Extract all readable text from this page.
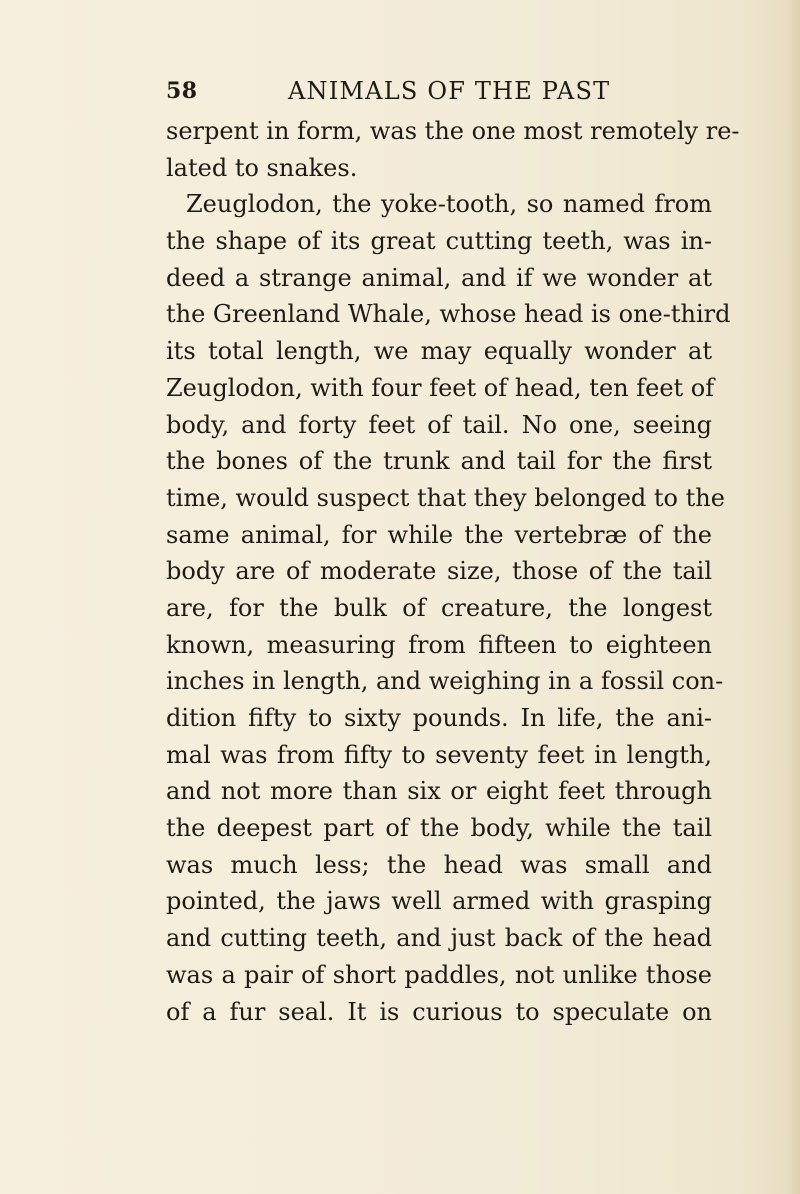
58	ANIMALS OF THE PAST
serpent in form, was the one most remotely re-
lated to snakes.
Zeuglodon, the yoke-tooth, so named from
the shape of its great cutting teeth, was in-
deed a strange animal, and if we wonder at
the Greenland Whale, whose head is one-third
its total length, we may equally wonder at
Zeuglodon, with four feet of head, ten feet of
body, and forty feet of tail. No one, seeing
the bones of the trunk and tail for the first
time, would suspect that they belonged to the
same animal, for while the vertebræ of the
body are of moderate size, those of the tail
are, for the bulk of creature, the longest
known, measuring from fifteen to eighteen
inches in length, and weighing in a fossil con-
dition fifty to sixty pounds. In life, the ani-
mal was from fifty to seventy feet in length,
and not more than six or eight feet through
the deepest part of the body, while the tail
was much less; the head was small and
pointed, the jaws well armed with grasping
and cutting teeth, and just back of the head
was a pair of short paddles, not unlike those
of a fur seal. It is curious to speculate on
